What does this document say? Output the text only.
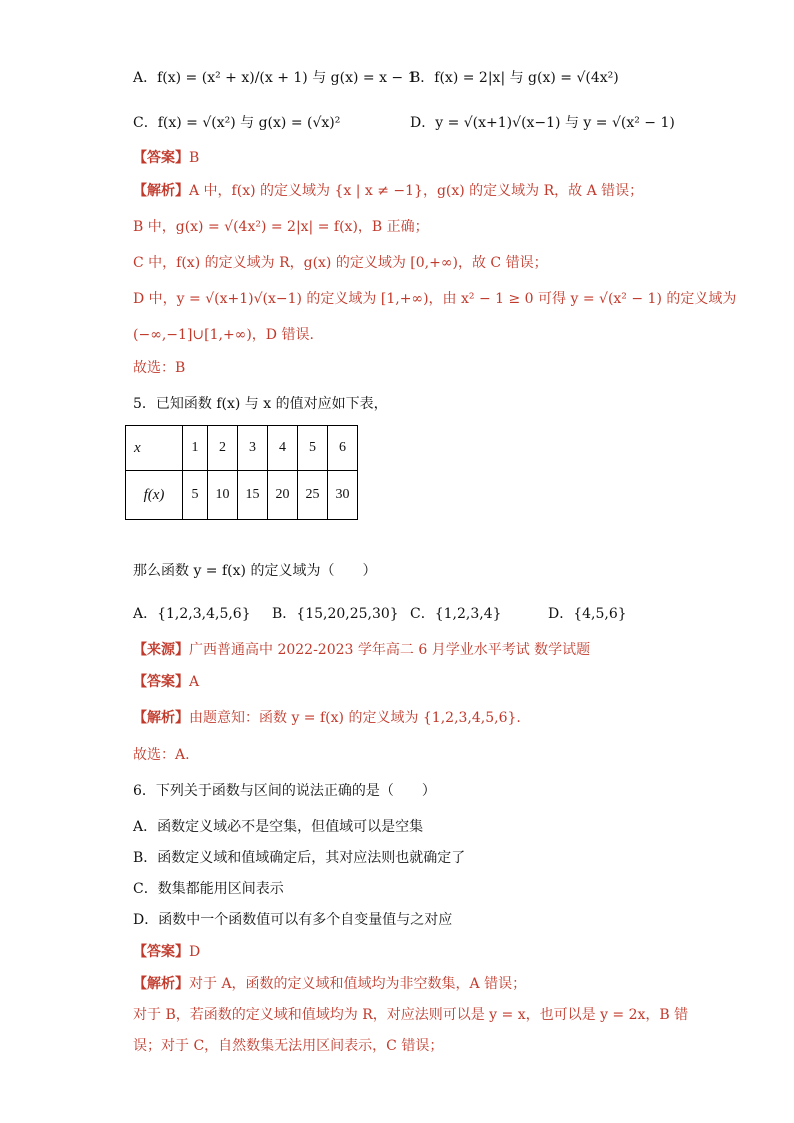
A．f(x) = (x² + x)/(x + 1) 与 g(x) = x − 1
B．f(x) = 2|x| 与 g(x) = √(4x²)
C．f(x) = √(x²) 与 g(x) = (√x)²	D．y = √(x+1)√(x−1) 与 y = √(x² − 1)
【答案】B
【解析】A 中，f(x) 的定义域为 {x | x ≠ −1}，g(x) 的定义域为 R，故 A 错误；
B 中，g(x) = √(4x²) = 2|x| = f(x)，B 正确；
C 中，f(x) 的定义域为 R，g(x) 的定义域为 [0,+∞)，故 C 错误；
D 中，y = √(x+1)√(x−1) 的定义域为 [1,+∞)，由 x² − 1 ≥ 0 可得 y = √(x² − 1) 的定义域为
(−∞,−1]∪[1,+∞)，D 错误.
故选：B
5．已知函数 f(x) 与 x 的值对应如下表，
x	1	2	3	4	5	6
f(x)	5	10	15	20	25	30
那么函数 y = f(x) 的定义域为（　　）
A．{1,2,3,4,5,6} B．{15,20,25,30} C．{1,2,3,4}	D．{4,5,6}
【来源】广西普通高中 2022-2023 学年高二 6 月学业水平考试 数学试题
【答案】A
【解析】由题意知：函数 y = f(x) 的定义域为 {1,2,3,4,5,6}.
故选：A.
6．下列关于函数与区间的说法正确的是（　　）
A．函数定义域必不是空集，但值域可以是空集
B．函数定义域和值域确定后，其对应法则也就确定了
C．数集都能用区间表示
D．函数中一个函数值可以有多个自变量值与之对应
【答案】D
【解析】对于 A，函数的定义域和值域均为非空数集，A 错误；
对于 B，若函数的定义域和值域均为 R，对应法则可以是 y = x，也可以是 y = 2x，B 错
误；对于 C，自然数集无法用区间表示，C 错误；
